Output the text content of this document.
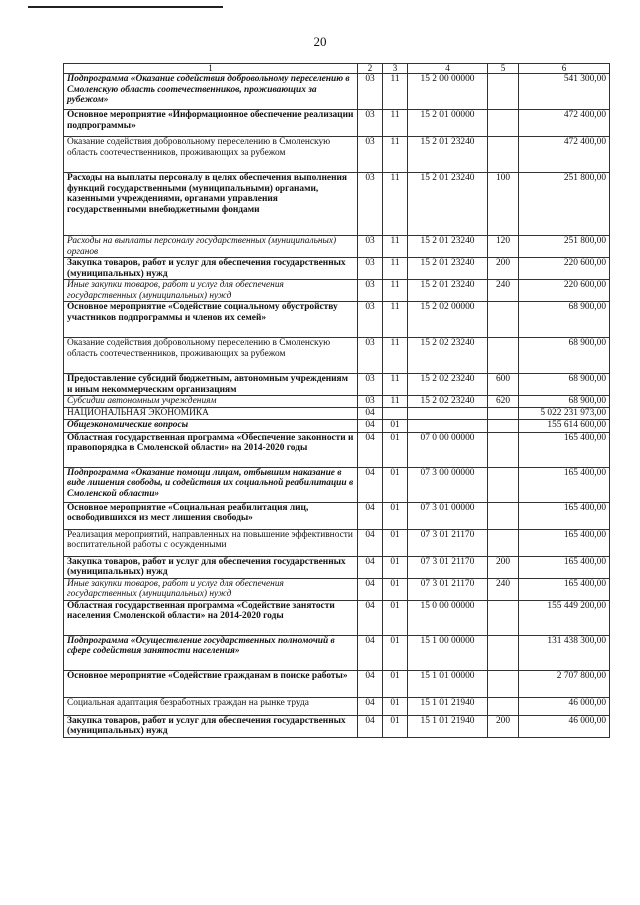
20
1	2	3	4	5	6
Подпрограмма «Оказание содействия добровольному переселению в Смоленскую область соотечественников, проживающих за рубежом»	03	11	15 2 00 00000		541 300,00
Основное мероприятие «Информационное обеспечение реализации подпрограммы»	03	11	15 2 01 00000		472 400,00
Оказание содействия добровольному переселению в Смоленскую область соотечественников, проживающих за рубежом	03	11	15 2 01 23240		472 400,00
Расходы на выплаты персоналу в целях обеспечения выполнения функций государственными (муниципальными) органами, казенными учреждениями, органами управления государственными внебюджетными фондами	03	11	15 2 01 23240	100	251 800,00
Расходы на выплаты персоналу государственных (муниципальных) органов	03	11	15 2 01 23240	120	251 800,00
Закупка товаров, работ и услуг для обеспечения государственных (муниципальных) нужд	03	11	15 2 01 23240	200	220 600,00
Иные закупки товаров, работ и услуг для обеспечения государственных (муниципальных) нужд	03	11	15 2 01 23240	240	220 600,00
Основное мероприятие «Содействие социальному обустройству участников подпрограммы и членов их семей»	03	11	15 2 02 00000		68 900,00
Оказание содействия добровольному переселению в Смоленскую область соотечественников, проживающих за рубежом	03	11	15 2 02 23240		68 900,00
Предоставление субсидий бюджетным, автономным учреждениям и иным некоммерческим организациям	03	11	15 2 02 23240	600	68 900,00
Субсидии автономным учреждениям	03	11	15 2 02 23240	620	68 900,00
НАЦИОНАЛЬНАЯ ЭКОНОМИКА	04				5 022 231 973,00
Общеэкономические вопросы	04	01			155 614 600,00
Областная государственная программа «Обеспечение законности и правопорядка в Смоленской области» на 2014-2020 годы	04	01	07 0 00 00000		165 400,00
Подпрограмма «Оказание помощи лицам, отбывшим наказание в виде лишения свободы, и содействия их социальной реабилитации в Смоленской области»	04	01	07 3 00 00000		165 400,00
Основное мероприятие «Социальная реабилитация лиц, освободившихся из мест лишения свободы»	04	01	07 3 01 00000		165 400,00
Реализация мероприятий, направленных на повышение эффективности воспитательной работы с осужденными	04	01	07 3 01 21170		165 400,00
Закупка товаров, работ и услуг для обеспечения государственных (муниципальных) нужд	04	01	07 3 01 21170	200	165 400,00
Иные закупки товаров, работ и услуг для обеспечения государственных (муниципальных) нужд	04	01	07 3 01 21170	240	165 400,00
Областная государственная программа «Содействие занятости населения Смоленской области» на 2014-2020 годы	04	01	15 0 00 00000		155 449 200,00
Подпрограмма «Осуществление государственных полномочий в сфере содействия занятости населения»	04	01	15 1 00 00000		131 438 300,00
Основное мероприятие «Содействие гражданам в поиске работы»	04	01	15 1 01 00000		2 707 800,00
Социальная адаптация безработных граждан на рынке труда	04	01	15 1 01 21940		46 000,00
Закупка товаров, работ и услуг для обеспечения государственных (муниципальных) нужд	04	01	15 1 01 21940	200	46 000,00
